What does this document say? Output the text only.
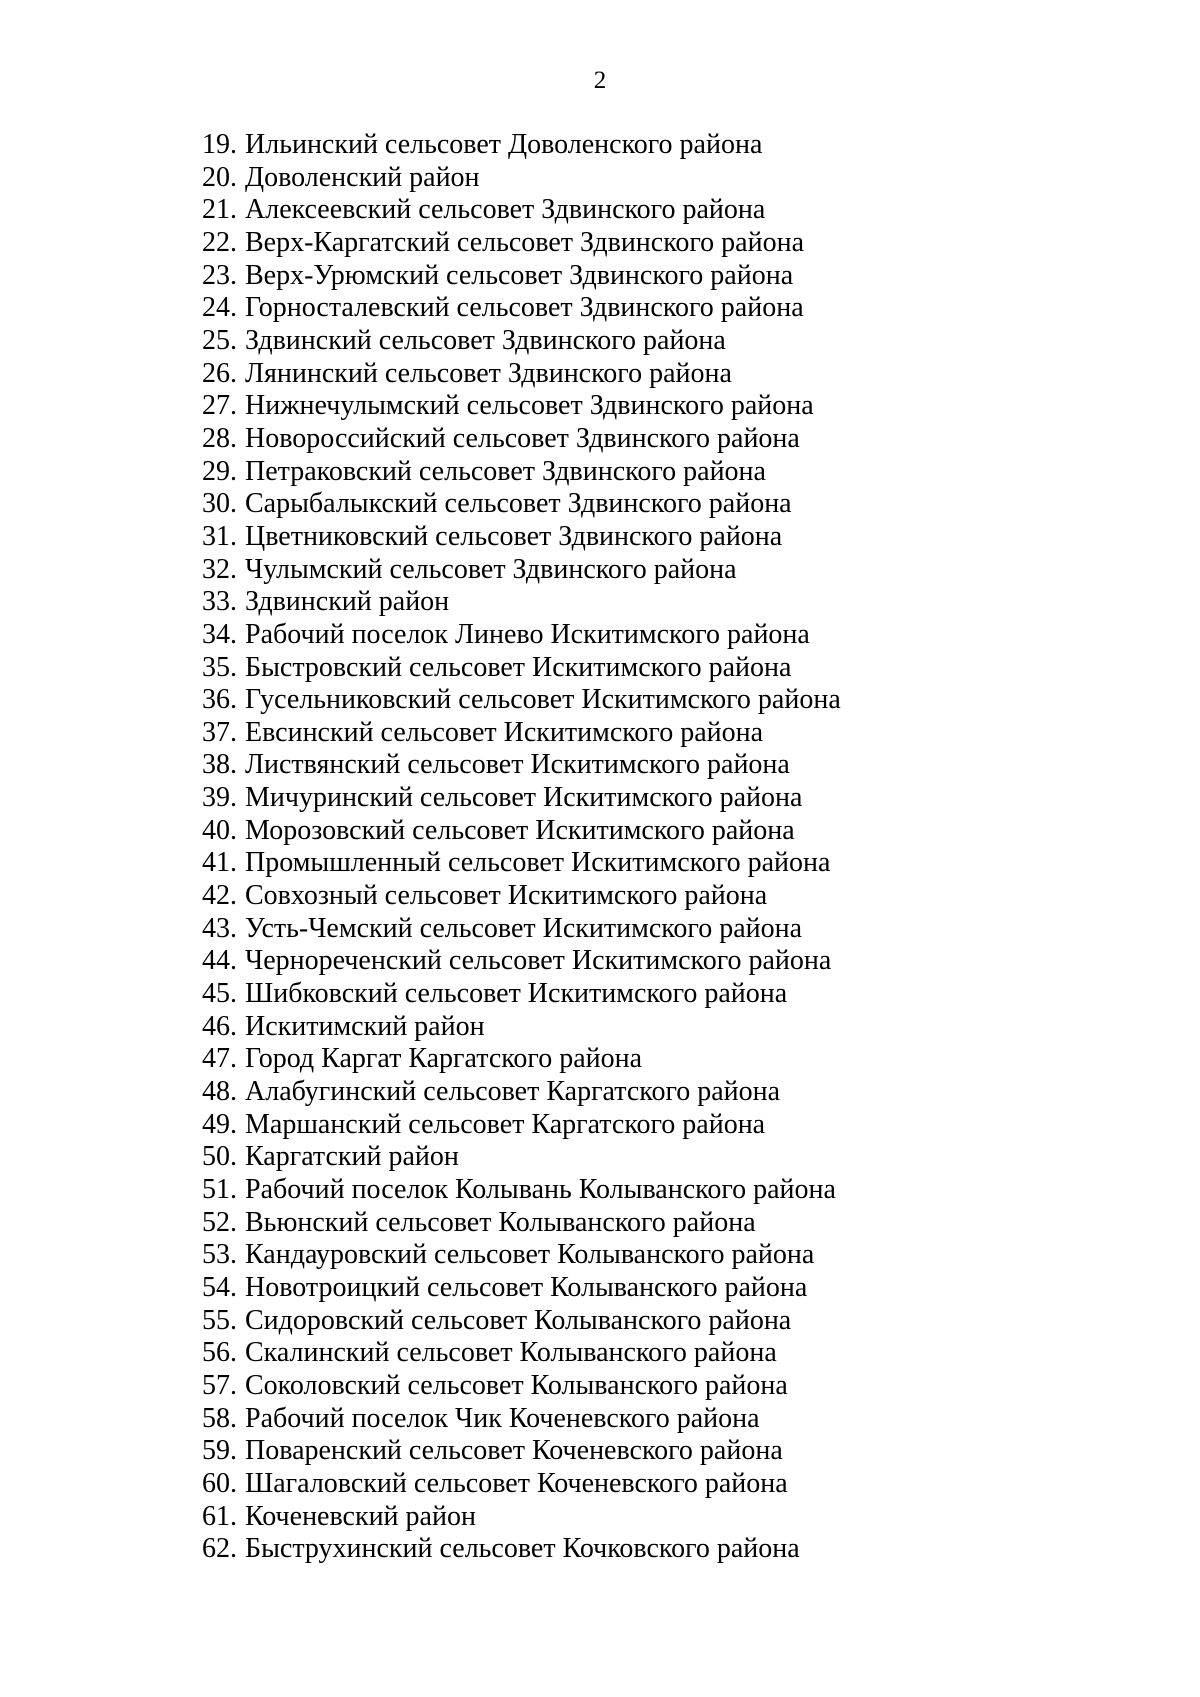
2
19. Ильинский сельсовет Доволенского района
20. Доволенский район
21. Алексеевский сельсовет Здвинского района
22. Верх-Каргатский сельсовет Здвинского района
23. Верх-Урюмский сельсовет Здвинского района
24. Горносталевский сельсовет Здвинского района
25. Здвинский сельсовет Здвинского района
26. Лянинский сельсовет Здвинского района
27. Нижнечулымский сельсовет Здвинского района
28. Новороссийский сельсовет Здвинского района
29. Петраковский сельсовет Здвинского района
30. Сарыбалыкский сельсовет Здвинского района
31. Цветниковский сельсовет Здвинского района
32. Чулымский сельсовет Здвинского района
33. Здвинский район
34. Рабочий поселок Линево Искитимского района
35. Быстровский сельсовет Искитимского района
36. Гусельниковский сельсовет Искитимского района
37. Евсинский сельсовет Искитимского района
38. Листвянский сельсовет Искитимского района
39. Мичуринский сельсовет Искитимского района
40. Морозовский сельсовет Искитимского района
41. Промышленный сельсовет Искитимского района
42. Совхозный сельсовет Искитимского района
43. Усть-Чемский сельсовет Искитимского района
44. Чернореченский сельсовет Искитимского района
45. Шибковский сельсовет Искитимского района
46. Искитимский район
47. Город Каргат Каргатского района
48. Алабугинский сельсовет Каргатского района
49. Маршанский сельсовет Каргатского района
50. Каргатский район
51. Рабочий поселок Колывань Колыванского района
52. Вьюнский сельсовет Колыванского района
53. Кандауровский сельсовет Колыванского района
54. Новотроицкий сельсовет Колыванского района
55. Сидоровский сельсовет Колыванского района
56. Скалинский сельсовет Колыванского района
57. Соколовский сельсовет Колыванского района
58. Рабочий поселок Чик Коченевского района
59. Поваренский сельсовет Коченевского района
60. Шагаловский сельсовет Коченевского района
61. Коченевский район
62. Быструхинский сельсовет Кочковского района
